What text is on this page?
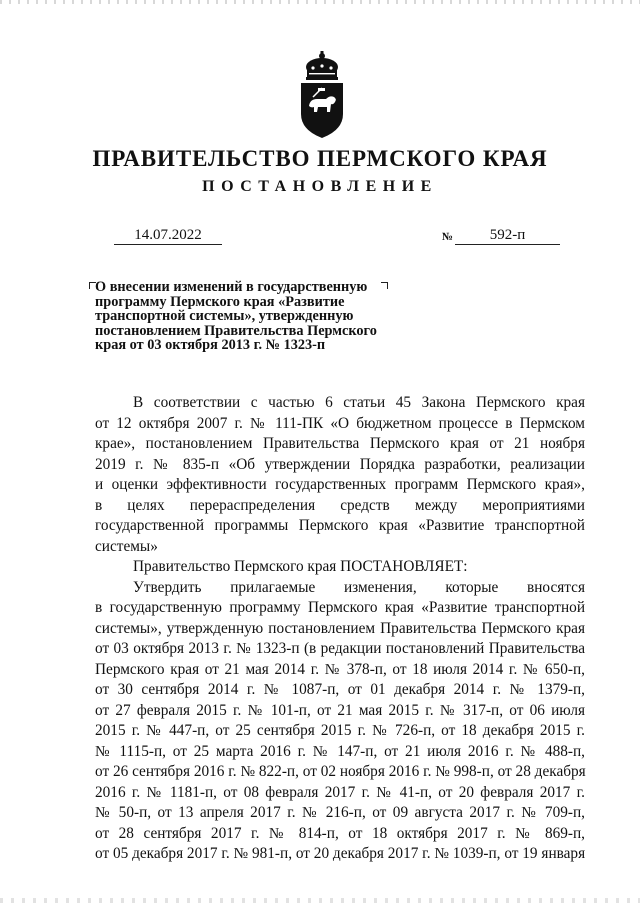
ПРАВИТЕЛЬСТВО ПЕРМСКОГО КРАЯ
ПОСТАНОВЛЕНИЕ
14.07.2022	№	592-п
О внесении изменений в государственную
программу Пермского края «Развитие
транспортной системы», утвержденную
постановлением Правительства Пермского
края от 03 октября 2013 г. № 1323-п
В соответствии с частью 6 статьи 45 Закона Пермского края
от 12 октября 2007 г. № 111-ПК «О бюджетном процессе в Пермском
крае», постановлением Правительства Пермского края от 21 ноября
2019 г. № 835-п «Об утверждении Порядка разработки, реализации
и оценки эффективности государственных программ Пермского края»,
в целях перераспределения средств между мероприятиями
государственной программы Пермского края «Развитие транспортной
системы»
Правительство Пермского края ПОСТАНОВЛЯЕТ:
Утвердить прилагаемые изменения, которые вносятся
в государственную программу Пермского края «Развитие транспортной
системы», утвержденную постановлением Правительства Пермского края
от 03 октября 2013 г. № 1323-п (в редакции постановлений Правительства
Пермского края от 21 мая 2014 г. № 378-п, от 18 июля 2014 г. № 650-п,
от 30 сентября 2014 г. № 1087-п, от 01 декабря 2014 г. № 1379-п,
от 27 февраля 2015 г. № 101-п, от 21 мая 2015 г. № 317-п, от 06 июля
2015 г. № 447-п, от 25 сентября 2015 г. № 726-п, от 18 декабря 2015 г.
№ 1115-п, от 25 марта 2016 г. № 147-п, от 21 июля 2016 г. № 488-п,
от 26 сентября 2016 г. № 822-п, от 02 ноября 2016 г. № 998-п, от 28 декабря
2016 г. № 1181-п, от 08 февраля 2017 г. № 41-п, от 20 февраля 2017 г.
№ 50-п, от 13 апреля 2017 г. № 216-п, от 09 августа 2017 г. № 709-п,
от 28 сентября 2017 г. № 814-п, от 18 октября 2017 г. № 869-п,
от 05 декабря 2017 г. № 981-п, от 20 декабря 2017 г. № 1039-п, от 19 января
